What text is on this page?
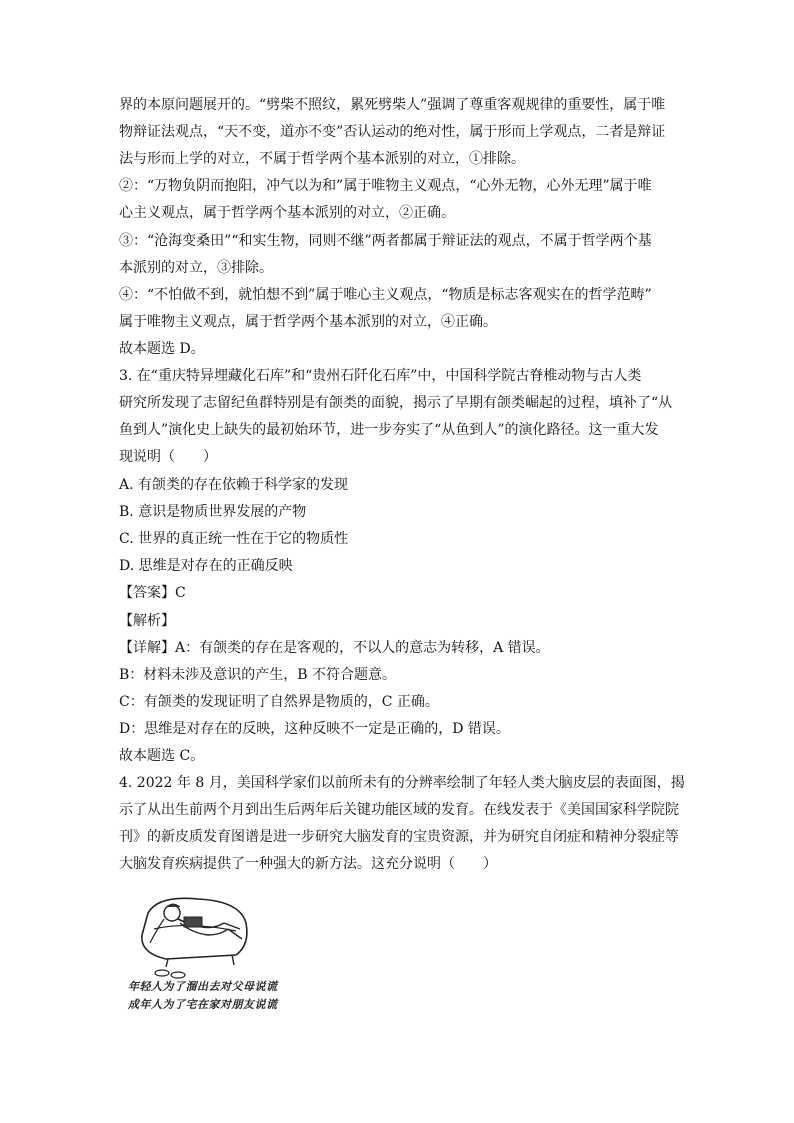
界的本原问题展开的。“劈柴不照纹，累死劈柴人”强调了尊重客观规律的重要性，属于唯
物辩证法观点，“天不变，道亦不变”否认运动的绝对性，属于形而上学观点，二者是辩证
法与形而上学的对立，不属于哲学两个基本派别的对立，①排除。
②：“万物负阴而抱阳，冲气以为和”属于唯物主义观点，“心外无物，心外无理”属于唯
心主义观点，属于哲学两个基本派别的对立，②正确。
③：“沧海变桑田”“和实生物，同则不继”两者都属于辩证法的观点，不属于哲学两个基
本派别的对立，③排除。
④：“不怕做不到，就怕想不到”属于唯心主义观点，“物质是标志客观实在的哲学范畴”
属于唯物主义观点，属于哲学两个基本派别的对立，④正确。
故本题选 D。
3. 在“重庆特异埋藏化石库”和“贵州石阡化石库”中，中国科学院古脊椎动物与古人类
研究所发现了志留纪鱼群特别是有颌类的面貌，揭示了早期有颌类崛起的过程，填补了“从
鱼到人”演化史上缺失的最初始环节，进一步夯实了“从鱼到人”的演化路径。这一重大发
现说明（　　）
A. 有颌类的存在依赖于科学家的发现
B. 意识是物质世界发展的产物
C. 世界的真正统一性在于它的物质性
D. 思维是对存在的正确反映
【答案】C
【解析】
【详解】A：有颌类的存在是客观的，不以人的意志为转移，A 错误。
B：材料未涉及意识的产生，B 不符合题意。
C：有颌类的发现证明了自然界是物质的，C 正确。
D：思维是对存在的反映，这种反映不一定是正确的，D 错误。
故本题选 C。
4. 2022 年 8 月，美国科学家们以前所未有的分辨率绘制了年轻人类大脑皮层的表面图，揭
示了从出生前两个月到出生后两年后关键功能区域的发育。在线发表于《美国国家科学院院
刊》的新皮质发育图谱是进一步研究大脑发育的宝贵资源，并为研究自闭症和精神分裂症等
大脑发育疾病提供了一种强大的新方法。这充分说明（　　）
年轻人为了溜出去对父母说谎
成年人为了宅在家对朋友说谎
